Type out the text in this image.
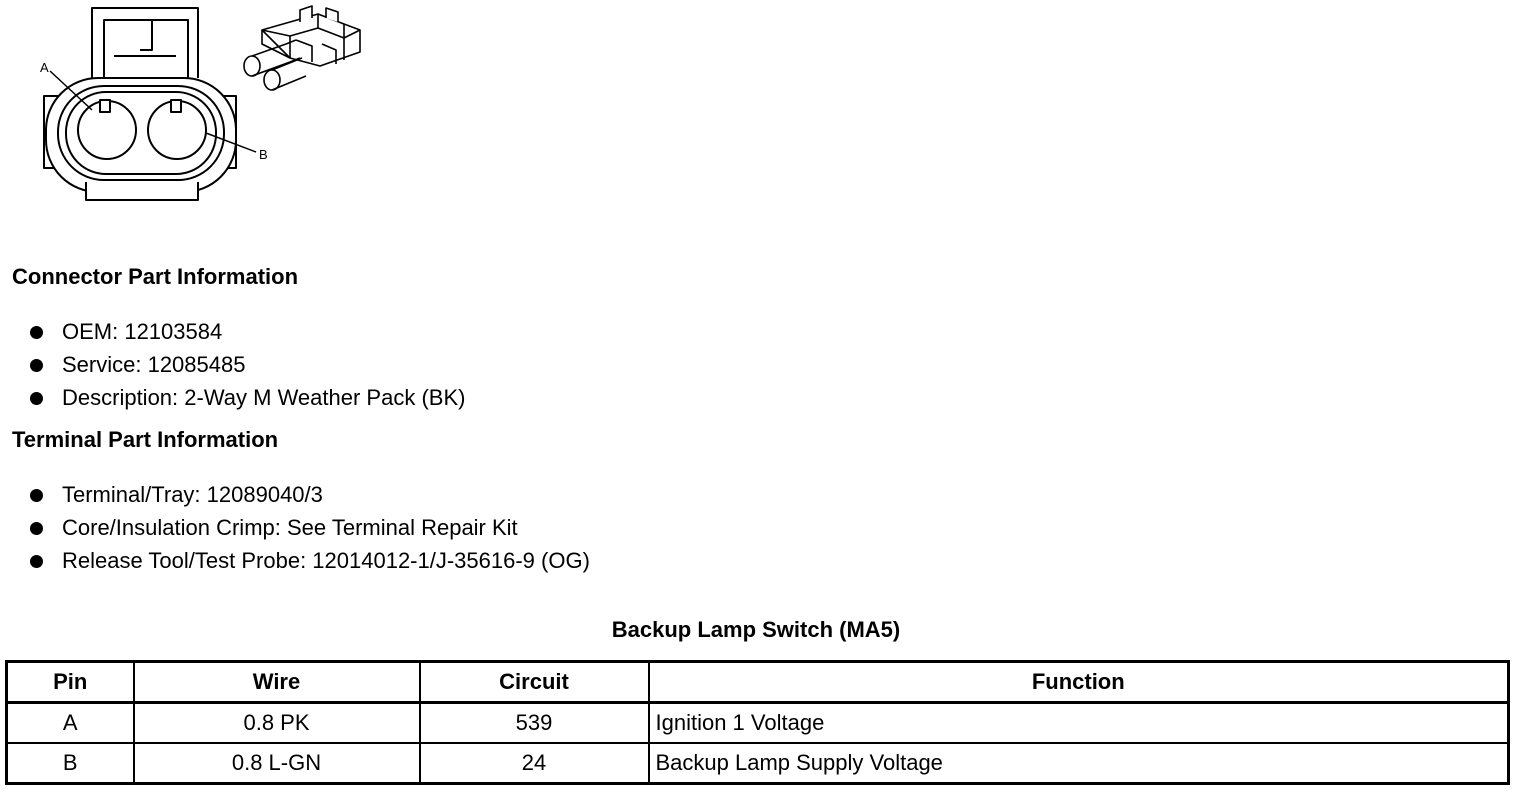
A
B
Connector Part Information
OEM: 12103584
Service: 12085485
Description: 2-Way M Weather Pack (BK)
Terminal Part Information
Terminal/Tray: 12089040/3
Core/Insulation Crimp: See Terminal Repair Kit
Release Tool/Test Probe: 12014012-1/J-35616-9 (OG)
Backup Lamp Switch (MA5)
Pin	Wire	Circuit	Function
A	0.8 PK	539	Ignition 1 Voltage
B	0.8 L-GN	24	Backup Lamp Supply Voltage
